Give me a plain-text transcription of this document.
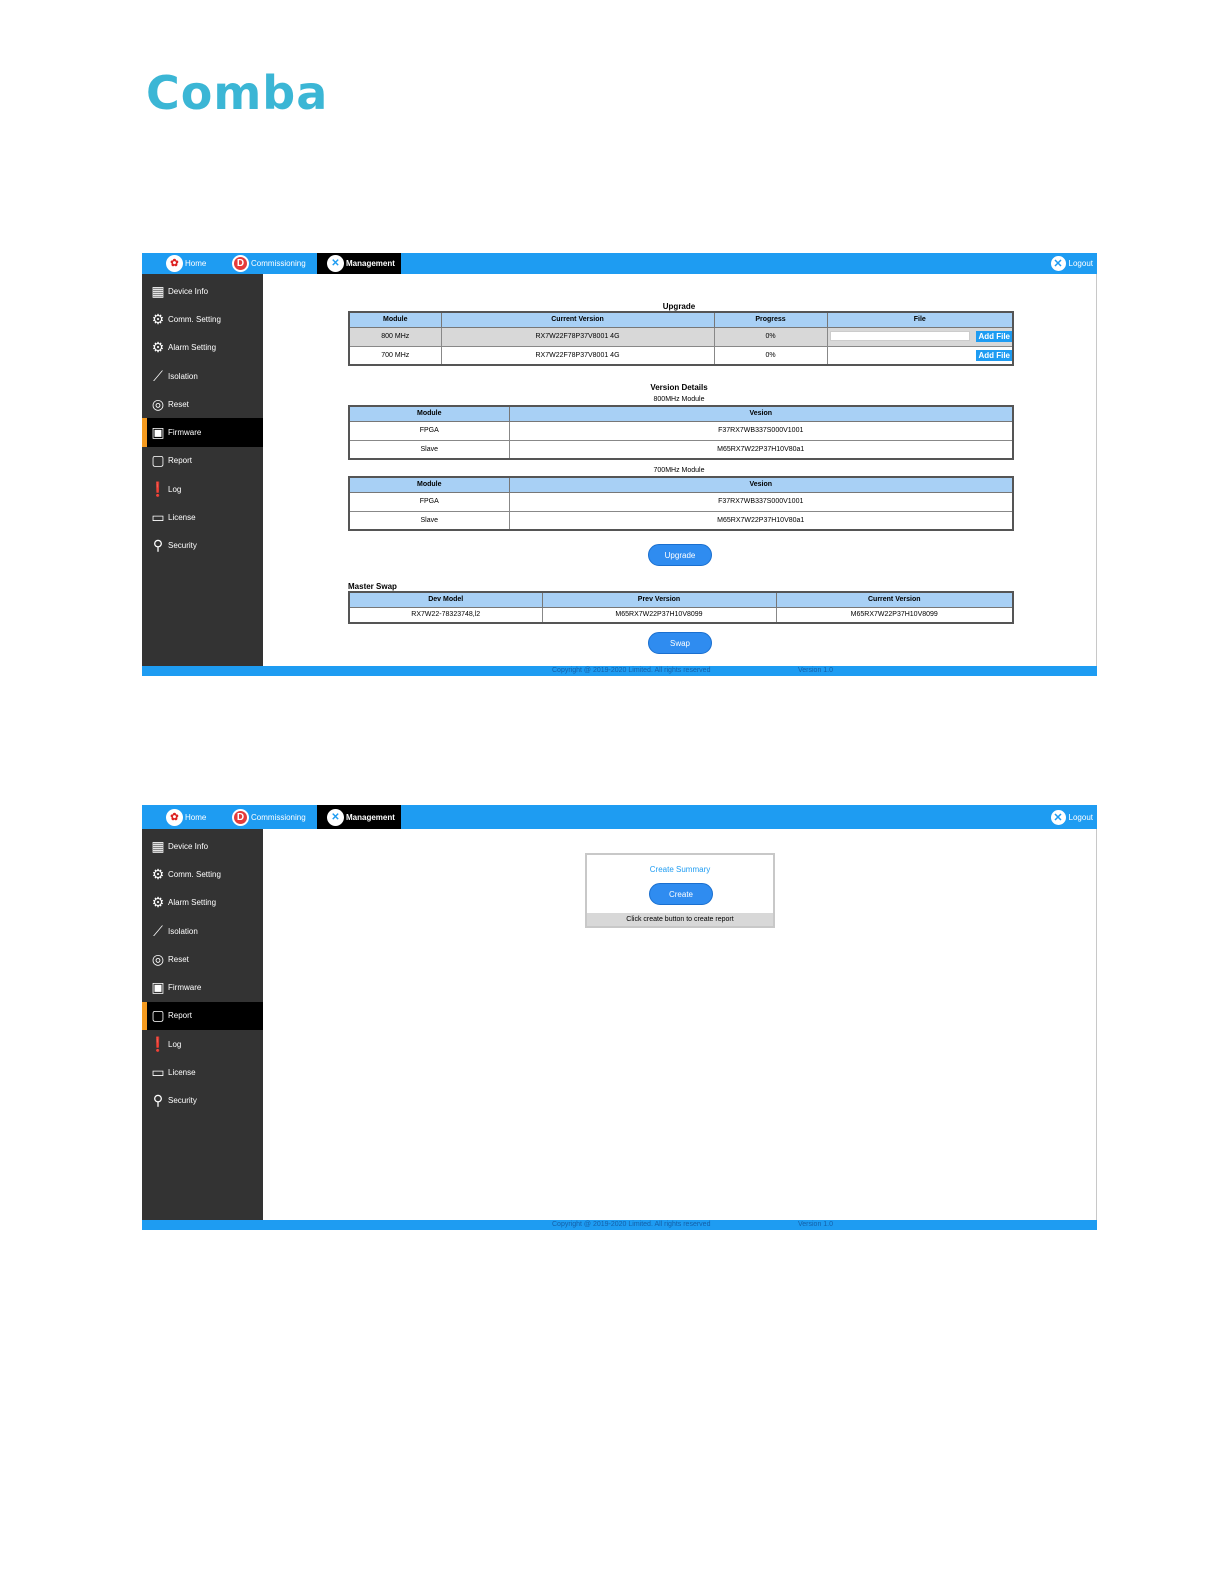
Comba
✿ Home	D Commissioning	✕ Management	✕ Logout
▦ Device Info
⚙ Comm. Setting
⚙ Alarm Setting
⟋ Isolation
◎ Reset
▣ Firmware
▢ Report
❗ Log
▭ License
⚲ Security
Upgrade
Module	Current Version	Progress	File
800 MHz	RX7W22F78P37V8001 4G	0%	Add File

700 MHz	RX7W22F78P37V8001 4G	0%	Add File
Version Details
800MHz Module
Module	Vesion
FPGA	F37RX7WB337S000V1001
Slave	M65RX7W22P37H10V80a1
700MHz Module
Module	Vesion
FPGA	F37RX7WB337S000V1001
Slave	M65RX7W22P37H10V80a1
Upgrade
Master Swap
Dev Model	Prev Version	Current Version
RX7W22-78323748,l2	M65RX7W22P37H10V8099	M65RX7W22P37H10V8099
Swap
Copyright @ 2019-2020 Limited. All rights reserved	Version 1.0
✿ Home	D Commissioning	✕ Management	✕ Logout
▦ Device Info
⚙ Comm. Setting
⚙ Alarm Setting
⟋ Isolation
◎ Reset
▣ Firmware
▢ Report
❗ Log
▭ License
⚲ Security
Create Summary
Create
Click create button to create report
Copyright @ 2019-2020 Limited. All rights reserved	Version 1.0
